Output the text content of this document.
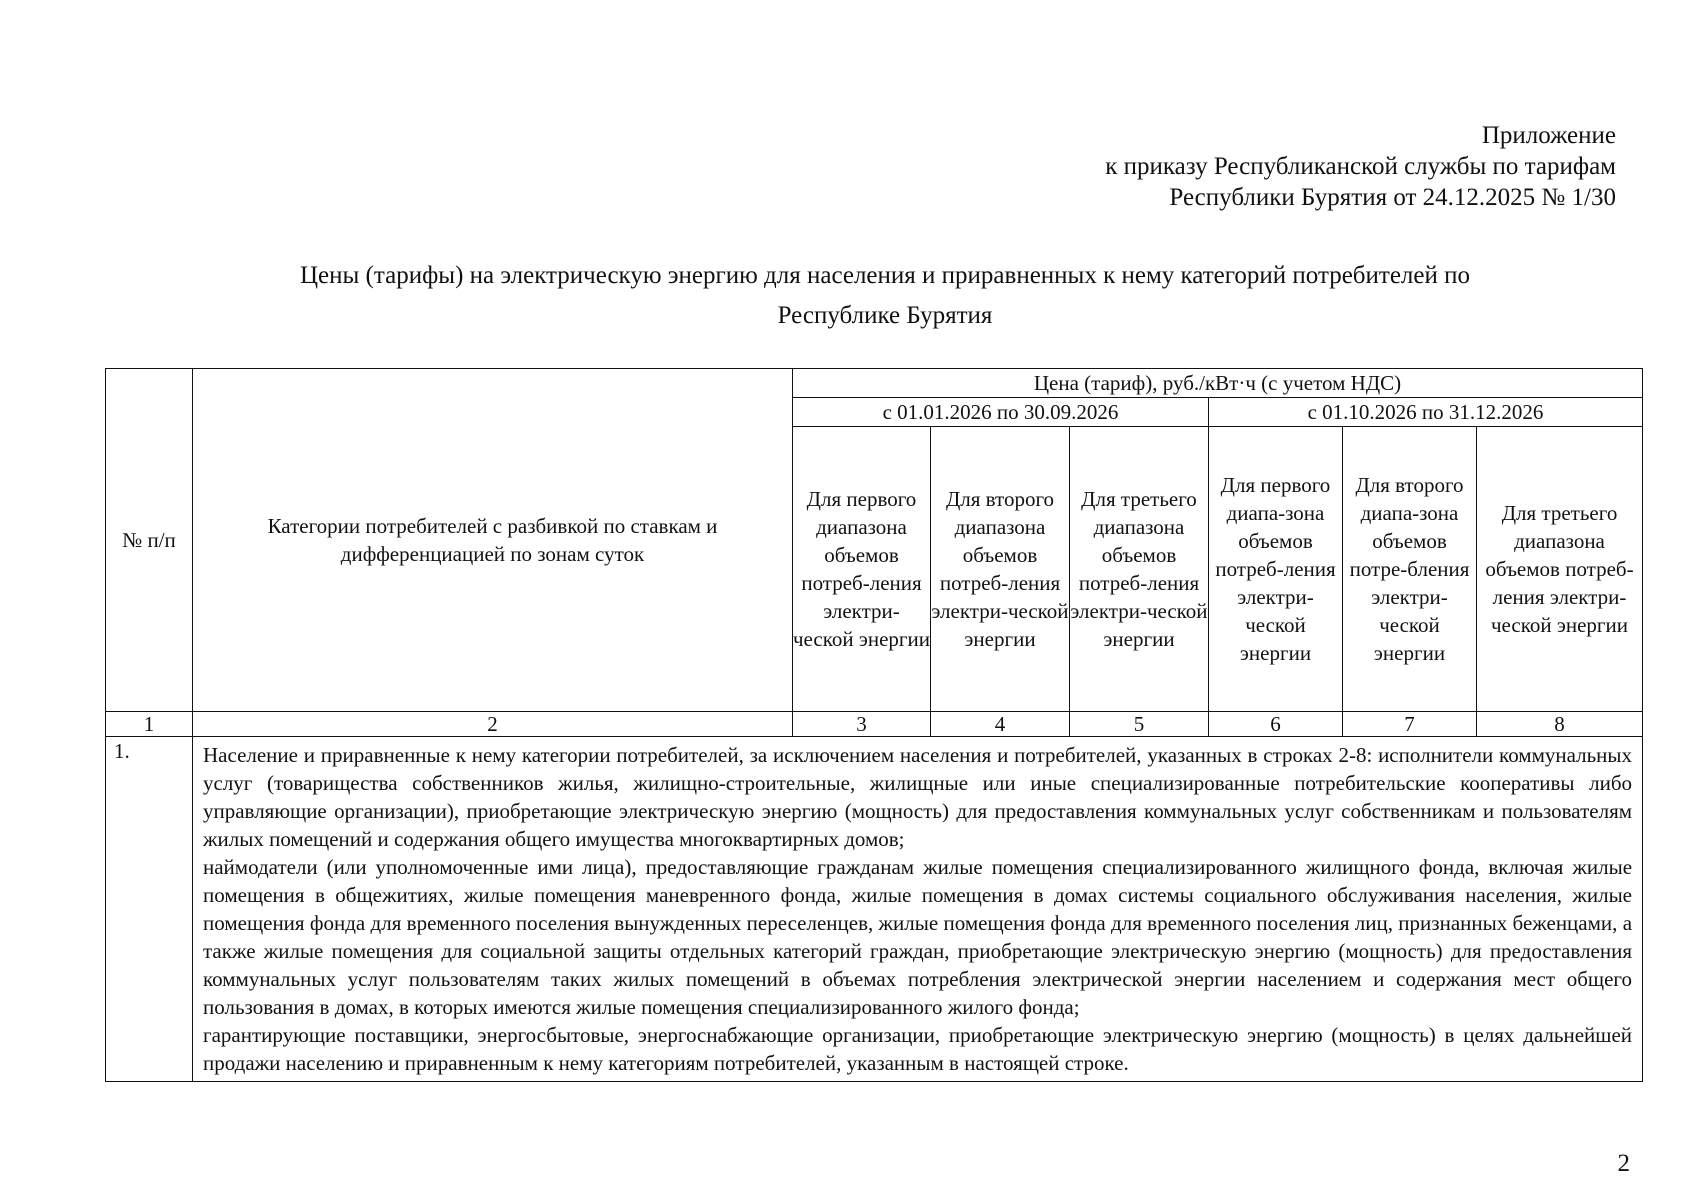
Приложение
к приказу Республиканской службы по тарифам
Республики Бурятия от 24.12.2025 № 1/30
Цены (тарифы) на электрическую энергию для населения и приравненных к нему категорий потребителей по
Республике Бурятия
№ п/п	Категории потребителей с разбивкой по ставкам и дифференциацией по зонам суток	Цена (тариф), руб./кВт·ч (с учетом НДС)					
		с 01.01.2026 по 30.09.2026			с 01.10.2026 по 31.12.2026		
		Для первого диапазона объемов потреб-ления электри-ческой энергии	Для второго диапазона объемов потреб-ления электри-ческой энергии	Для третьего диапазона объемов потреб-ления электри-ческой энергии	Для первого диапа-зона объемов потреб-ления электри-ческой энергии	Для второго диапа-зона объемов потре-бления электри-ческой энергии	Для третьего диапазона объемов потреб-ления электри-ческой энергии
1	2	3	4	5	6	7	8
1.	Население и приравненные к нему категории потребителей, за исключением населения и потребителей, указанных в строках 2-8: исполнители коммунальных услуг (товарищества собственников жилья, жилищно-строительные, жилищные или иные специализированные потребительские кооперативы либо управляющие организации), приобретающие электрическую энергию (мощность) для предоставления коммунальных услуг собственникам и пользователям жилых помещений и содержания общего имущества многоквартирных домов;

наймодатели (или уполномоченные ими лица), предоставляющие гражданам жилые помещения специализированного жилищного фонда, включая жилые помещения в общежитиях, жилые помещения маневренного фонда, жилые помещения в домах системы социального обслуживания населения, жилые помещения фонда для временного поселения вынужденных переселенцев, жилые помещения фонда для временного поселения лиц, признанных беженцами, а также жилые помещения для социальной защиты отдельных категорий граждан, приобретающие электрическую энергию (мощность) для предоставления коммунальных услуг пользователям таких жилых помещений в объемах потребления электрической энергии населением и содержания мест общего пользования в домах, в которых имеются жилые помещения специализированного жилого фонда;

гарантирующие поставщики, энергосбытовые, энергоснабжающие организации, приобретающие электрическую энергию (мощность) в целях дальнейшей продажи населению и приравненным к нему категориям потребителей, указанным в настоящей строке.						

2
